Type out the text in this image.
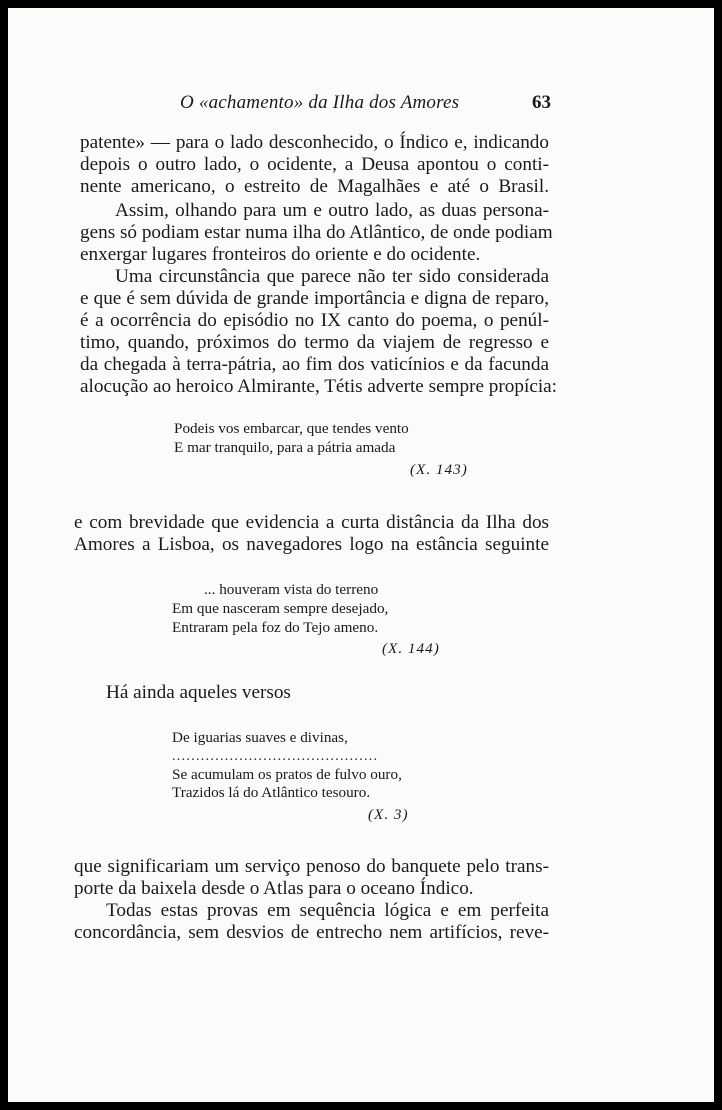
O «achamento» da Ilha dos Amores	63
patente» — para o lado desconhecido, o Índico e, indicando
depois o outro lado, o ocidente, a Deusa apontou o conti-
nente americano, o estreito de Magalhães e até o Brasil.
Assim, olhando para um e outro lado, as duas persona-
gens só podiam estar numa ilha do Atlântico, de onde podiam
enxergar lugares fronteiros do oriente e do ocidente.
Uma circunstância que parece não ter sido considerada
e que é sem dúvida de grande importância e digna de reparo,
é a ocorrência do episódio no IX canto do poema, o penúl-
timo, quando, próximos do termo da viajem de regresso e
da chegada à terra-pátria, ao fim dos vaticínios e da facunda
alocução ao heroico Almirante, Tétis adverte sempre propícia:
Podeis vos embarcar, que tendes vento
E mar tranquilo, para a pátria amada
(X. 143)
e com brevidade que evidencia a curta distância da Ilha dos
Amores a Lisboa, os navegadores logo na estância seguinte
... houveram vista do terreno
Em que nasceram sempre desejado,
Entraram pela foz do Tejo ameno.
(X. 144)
Há ainda aqueles versos
De iguarias suaves e divinas,
...........................................
Se acumulam os pratos de fulvo ouro,
Trazidos lá do Atlântico tesouro.
(X. 3)
que significariam um serviço penoso do banquete pelo trans-
porte da baixela desde o Atlas para o oceano Índico.
Todas estas provas em sequência lógica e em perfeita
concordância, sem desvios de entrecho nem artifícios, reve-
